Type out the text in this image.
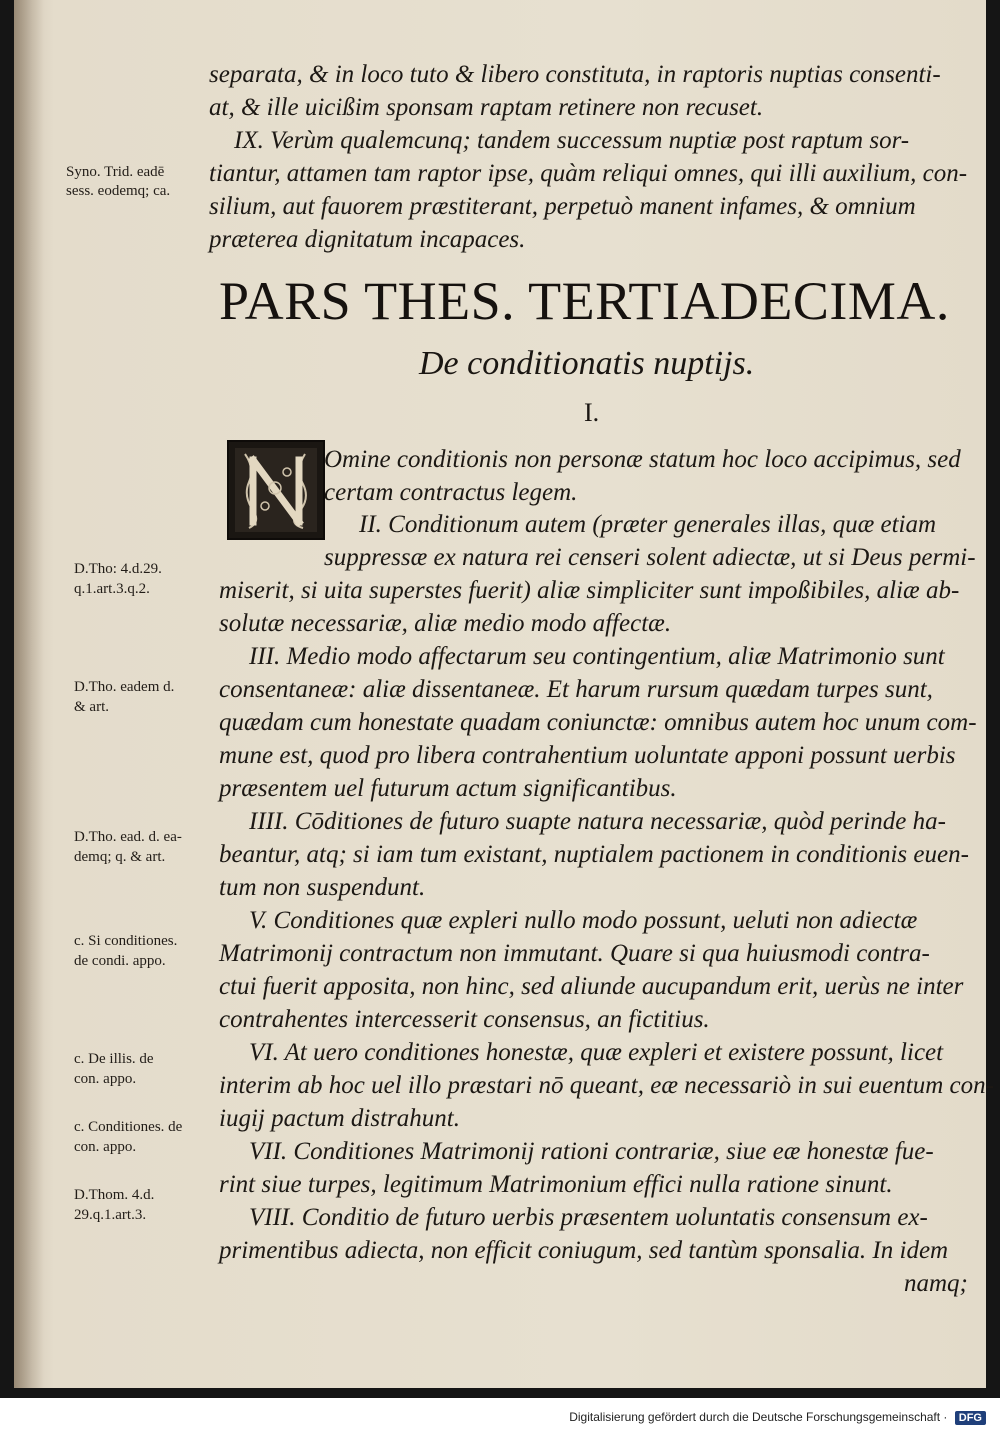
separata, & in loco tuto & libero constituta, in raptoris nuptias consenti-
at, & ille uicißim sponsam raptam retinere non recuset.
IX. Verùm qualemcunq; tandem successum nuptiæ post raptum sor-
tiantur, attamen tam raptor ipse, quàm reliqui omnes, qui illi auxilium, con-
silium, aut fauorem præstiterant, perpetuò manent infames, & omnium
præterea dignitatum incapaces.
PARS THES. TERTIADECIMA.
De conditionatis nuptijs.
I.
Omine conditionis non personæ statum hoc loco accipimus, sed
certam contractus legem.
II. Conditionum autem (præter generales illas, quæ etiam
suppressæ ex natura rei censeri solent adiectæ, ut si Deus permi-
miserit, si uita superstes fuerit) aliæ simpliciter sunt impoßibiles, aliæ ab-
solutæ necessariæ, aliæ medio modo affectæ.
III. Medio modo affectarum seu contingentium, aliæ Matrimonio sunt
consentaneæ: aliæ dissentaneæ. Et harum rursum quædam turpes sunt,
quædam cum honestate quadam coniunctæ: omnibus autem hoc unum com-
mune est, quod pro libera contrahentium uoluntate apponi possunt uerbis
præsentem uel futurum actum significantibus.
IIII. Cōditiones de futuro suapte natura necessariæ, quòd perinde ha-
beantur, atq; si iam tum existant, nuptialem pactionem in conditionis euen-
tum non suspendunt.
V. Conditiones quæ expleri nullo modo possunt, ueluti non adiectæ
Matrimonij contractum non immutant. Quare si qua huiusmodi contra-
ctui fuerit apposita, non hinc, sed aliunde aucupandum erit, uerùs ne inter
contrahentes intercesserit consensus, an fictitius.
VI. At uero conditiones honestæ, quæ expleri et existere possunt, licet
interim ab hoc uel illo præstari nō queant, eæ necessariò in sui euentum con-
iugij pactum distrahunt.
VII. Conditiones Matrimonij rationi contrariæ, siue eæ honestæ fue-
rint siue turpes, legitimum Matrimonium effici nulla ratione sinunt.
VIII. Conditio de futuro uerbis præsentem uoluntatis consensum ex-
primentibus adiecta, non efficit coniugum, sed tantùm sponsalia. In idem
namq;
Syno. Trid. eadē
sess. eodemq; ca.
D.Tho: 4.d.29.
q.1.art.3.q.2.
D.Tho. eadem d.
& art.
D.Tho. ead. d. ea-
demq; q. & art.
c. Si conditiones.
de condi. appo.
c. De illis. de
con. appo.
c. Conditiones. de
con. appo.
D.Thom. 4.d.
29.q.1.art.3.
Digitalisierung gefördert durch die Deutsche Forschungsgemeinschaft · DFG
